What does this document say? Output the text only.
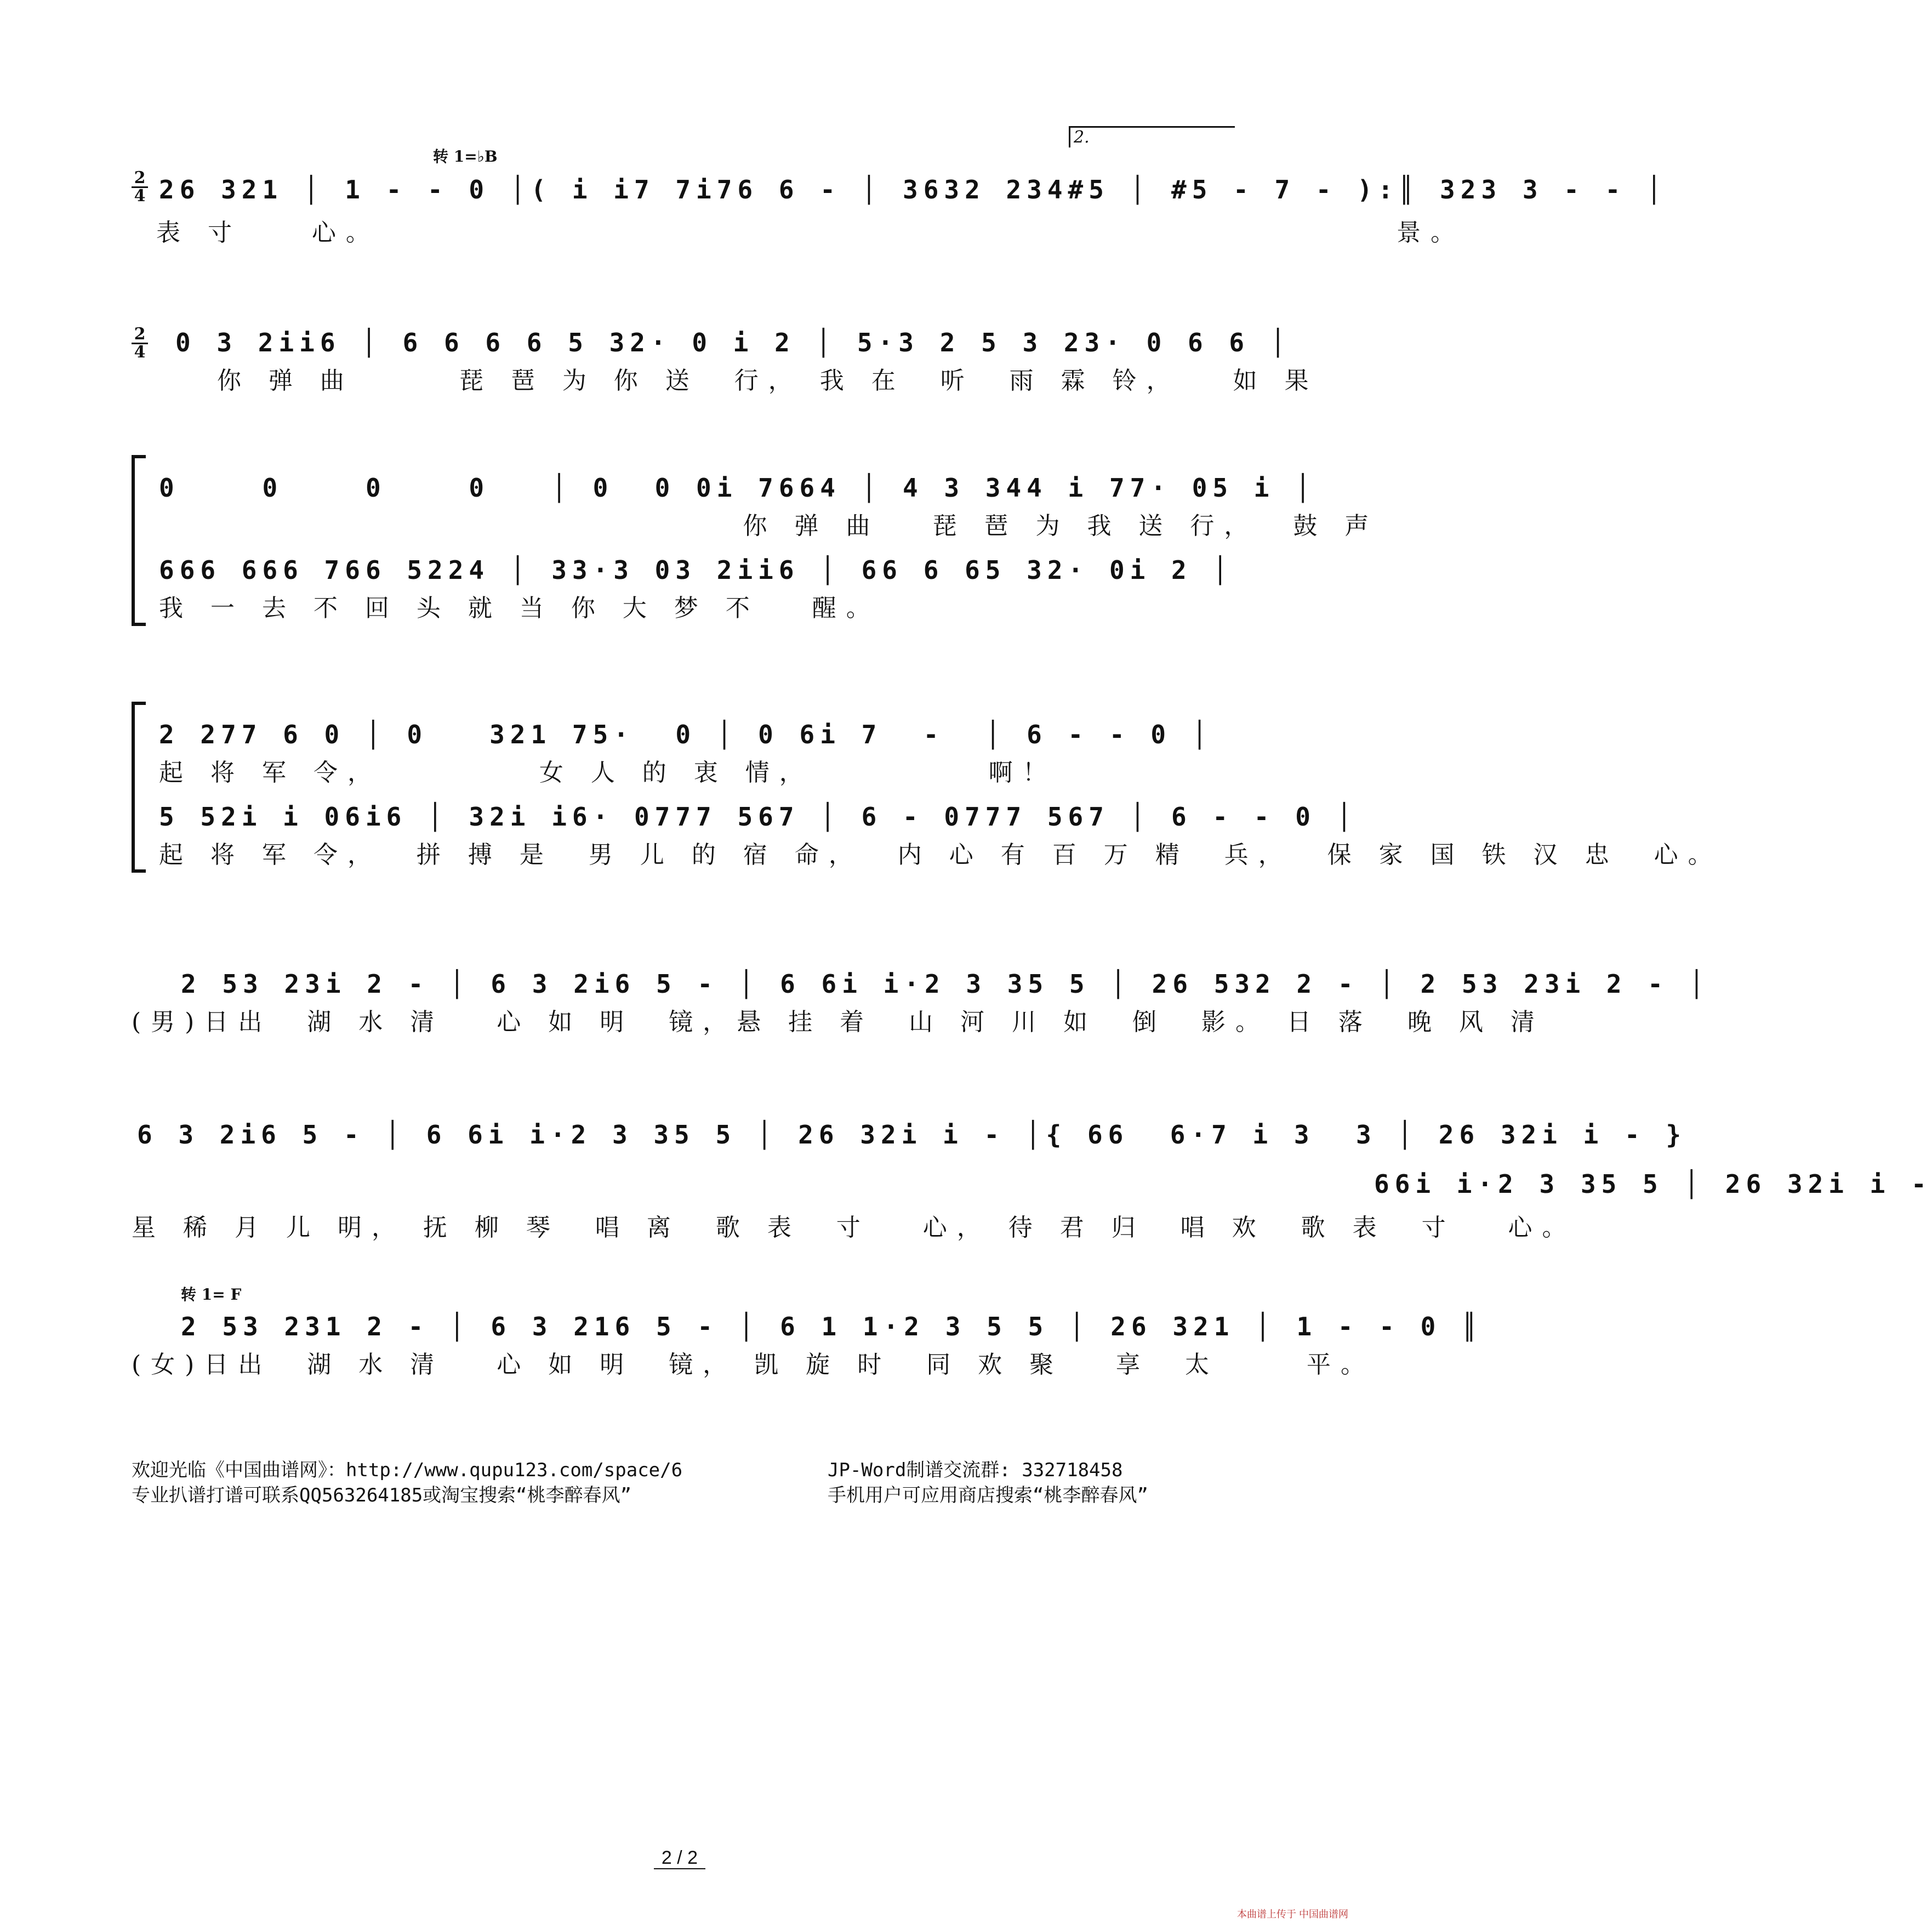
2
4
转 1=♭B
2.
26 321 │ 1 - - 0 │( i i7 7i76 6 - │ 3632 234#5 │ #5 - 7 - ):║ 323 3 - - │
表 寸    心。                                                          景。
2
4 0 3 2ii6 │ 6 6 6 6 5 32· 0 i 2 │ 5·3 2 5 3 23· 0 6 6 │
你 弹 曲      琵 琶 为 你 送  行， 我 在  听  雨 霖 铃，   如 果
0    0    0    0   │ 0  0 0i 7664 │ 4 3 344 i 77· 05 i │
你 弹 曲   琵 琶 为 我 送 行，  鼓 声
666 666 766 5224 │ 33·3 03 2ii6 │ 66 6 65 32· 0i 2 │
我 一 去 不 回 头 就 当 你 大 梦 不   醒。
2 277 6 0 │ 0   321 75·  0 │ 0 6i 7  -  │ 6 - - 0 │
起 将 军 令，         女 人 的 衷 情，          啊！
5 52i i 06i6 │ 32i i6· 0777 567 │ 6 - 0777 567 │ 6 - - 0 │
起 将 军 令，  拼 搏 是  男 儿 的 宿 命，  内 心 有 百 万 精  兵，  保 家 国 铁 汉 忠  心。
2 53 23i 2 - │ 6 3 2i6 5 - │ 6 6i i·2 3 35 5 │ 26 532 2 - │ 2 53 23i 2 - │
(男)日出  湖 水 清   心 如 明  镜，悬 挂 着  山 河 川 如  倒  影。 日 落  晚 风 清
6 3 2i6 5 - │ 6 6i i·2 3 35 5 │ 26 32i i - │{ 66  6·7 i 3  3 │ 26 32i i - }
66i i·2 3 35 5 │ 26 32i i -
星 稀 月 儿 明， 抚 柳 琴  唱 离  歌 表  寸   心， 待 君 归  唱 欢  歌 表  寸   心。
转 1= F
2 53 231 2 - │ 6 3 216 5 - │ 6 1 1·2 3 5 5 │ 26 321 │ 1 - - 0 ║
(女)日出  湖 水 清   心 如 明  镜， 凯 旋 时  同 欢 聚   享  太     平。
欢迎光临《中国曲谱网》：http://www.qupu123.com/space/6
专业扒谱打谱可联系QQ563264185或淘宝搜索“桃李醉春风”
JP-Word制谱交流群: 332718458
手机用户可应用商店搜索“桃李醉春风”
2 / 2
本曲谱上传于 中国曲谱网
